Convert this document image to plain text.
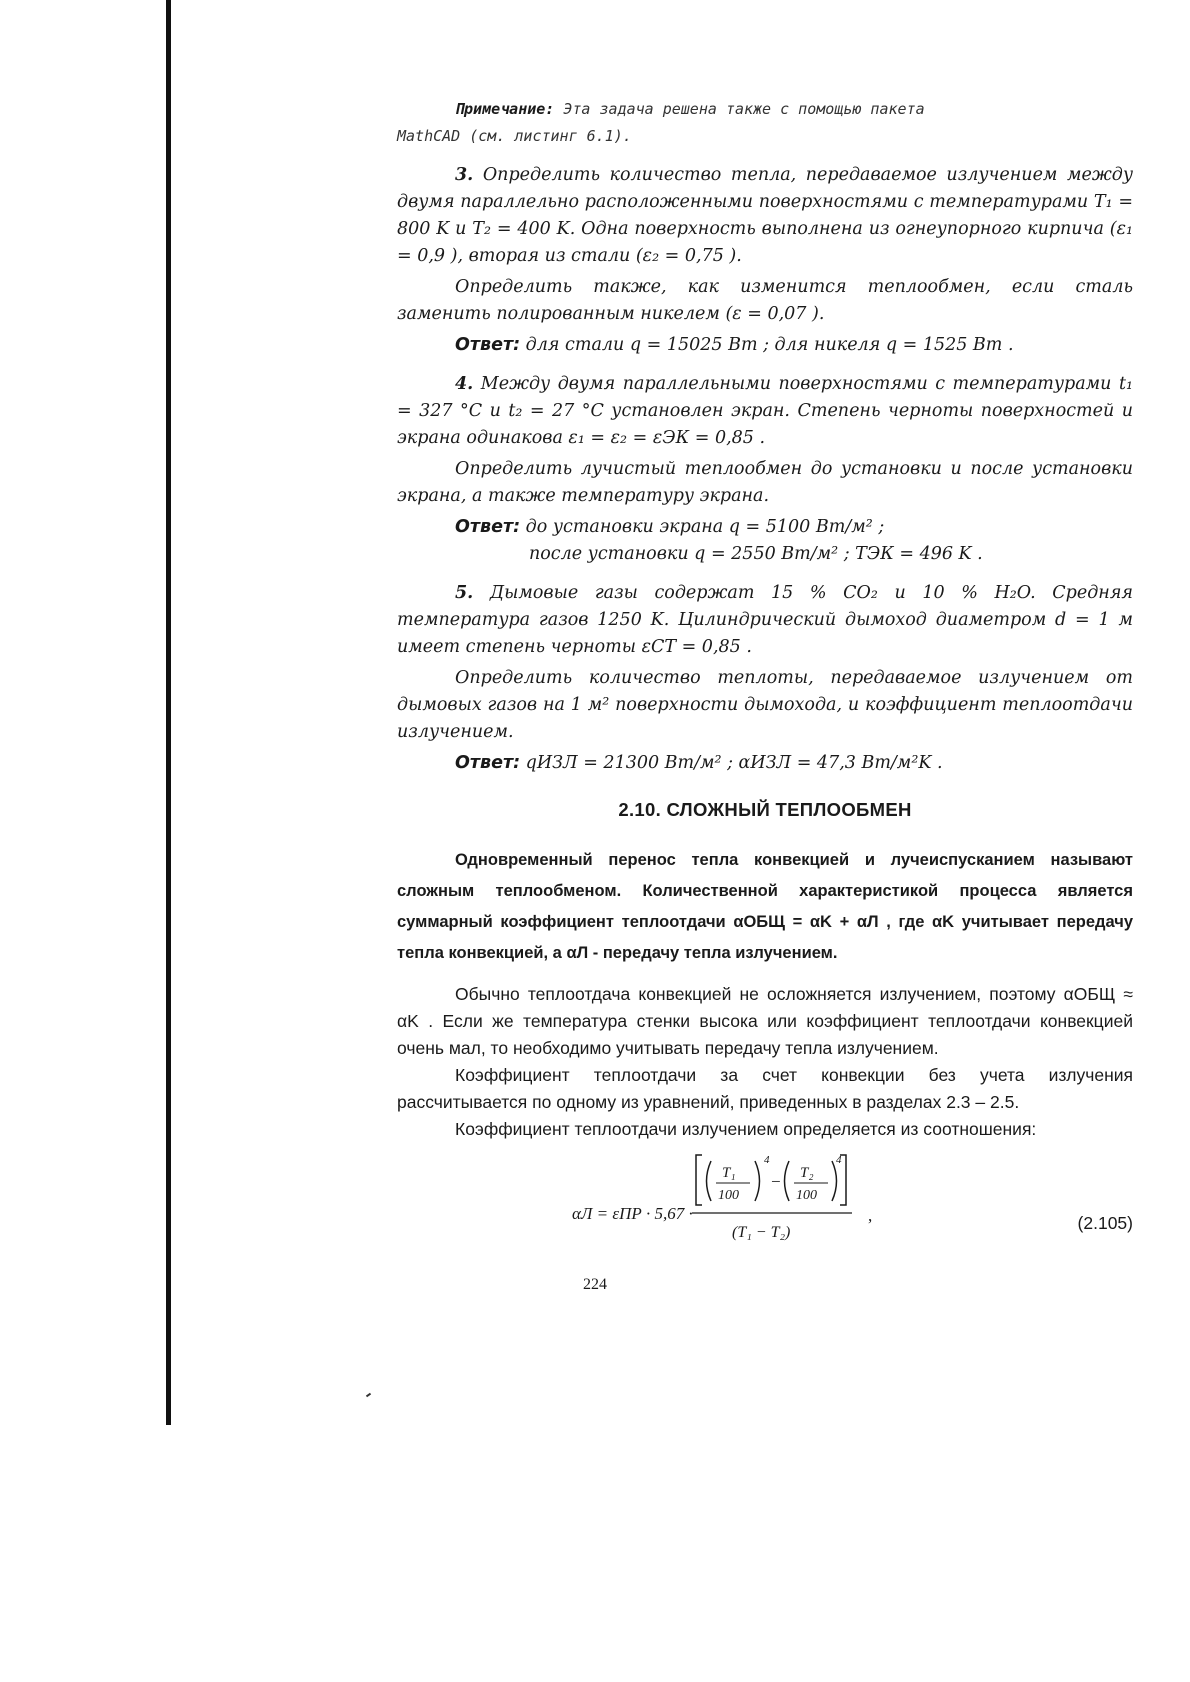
Примечание: Эта задача решена также с помощью пакета
MathCAD (см. листинг 6.1).

3. Определить количество тепла, передаваемое излучением между двумя параллельно расположенными поверхностями с температурами T₁ = 800 K и T₂ = 400 K. Одна поверхность выполнена из огнеупорного кирпича (ε₁ = 0,9 ), вторая из стали (ε₂ = 0,75 ).

Определить также, как изменится теплообмен, если сталь заменить полированным никелем (ε = 0,07 ).

Ответ: для стали q = 15025 Вт ; для никеля q = 1525 Вт .

4. Между двумя параллельными поверхностями с температурами t₁ = 327 °C и t₂ = 27 °C установлен экран. Степень черноты поверхностей и экрана одинакова ε₁ = ε₂ = εЭК = 0,85 .

Определить лучистый теплообмен до установки и после установки экрана, а также температуру экрана.

Ответ: до установки экрана q = 5100 Вт/м² ;

после установки q = 2550 Вт/м² ; TЭК = 496 K .

5. Дымовые газы содержат 15 % CO₂ и 10 % H₂O. Средняя температура газов 1250 K. Цилиндрический дымоход диаметром d = 1 м имеет степень черноты εСТ = 0,85 .

Определить количество теплоты, передаваемое излучением от дымовых газов на 1 м² поверхности дымохода, и коэффициент теплоотдачи излучением.

Ответ: qИЗЛ = 21300 Вт/м² ; αИЗЛ = 47,3 Вт/м²K .

2.10. СЛОЖНЫЙ ТЕПЛООБМЕН

Одновременный перенос тепла конвекцией и лучеиспусканием называют сложным теплообменом. Количественной характеристикой процесса является суммарный коэффициент теплоотдачи αОБЩ = αK + αЛ , где αK учитывает передачу тепла конвекцией, а αЛ - передачу тепла излучением.

Обычно теплоотдача конвекцией не осложняется излучением, поэтому αОБЩ ≈ αK . Если же температура стенки высока или коэффициент теплоотдачи конвекцией очень мал, то необходимо учитывать передачу тепла излучением.

Коэффициент теплоотдачи за счет конвекции без учета излучения рассчитывается по одному из уравнений, приведенных в разделах 2.3 – 2.5.

Коэффициент теплоотдачи излучением определяется из соотношения:

αЛ = εПР · 5,67 ·
T₁
100
4
− T₂
100
4
(T₁ − T₂)
,	(2.105)
224
